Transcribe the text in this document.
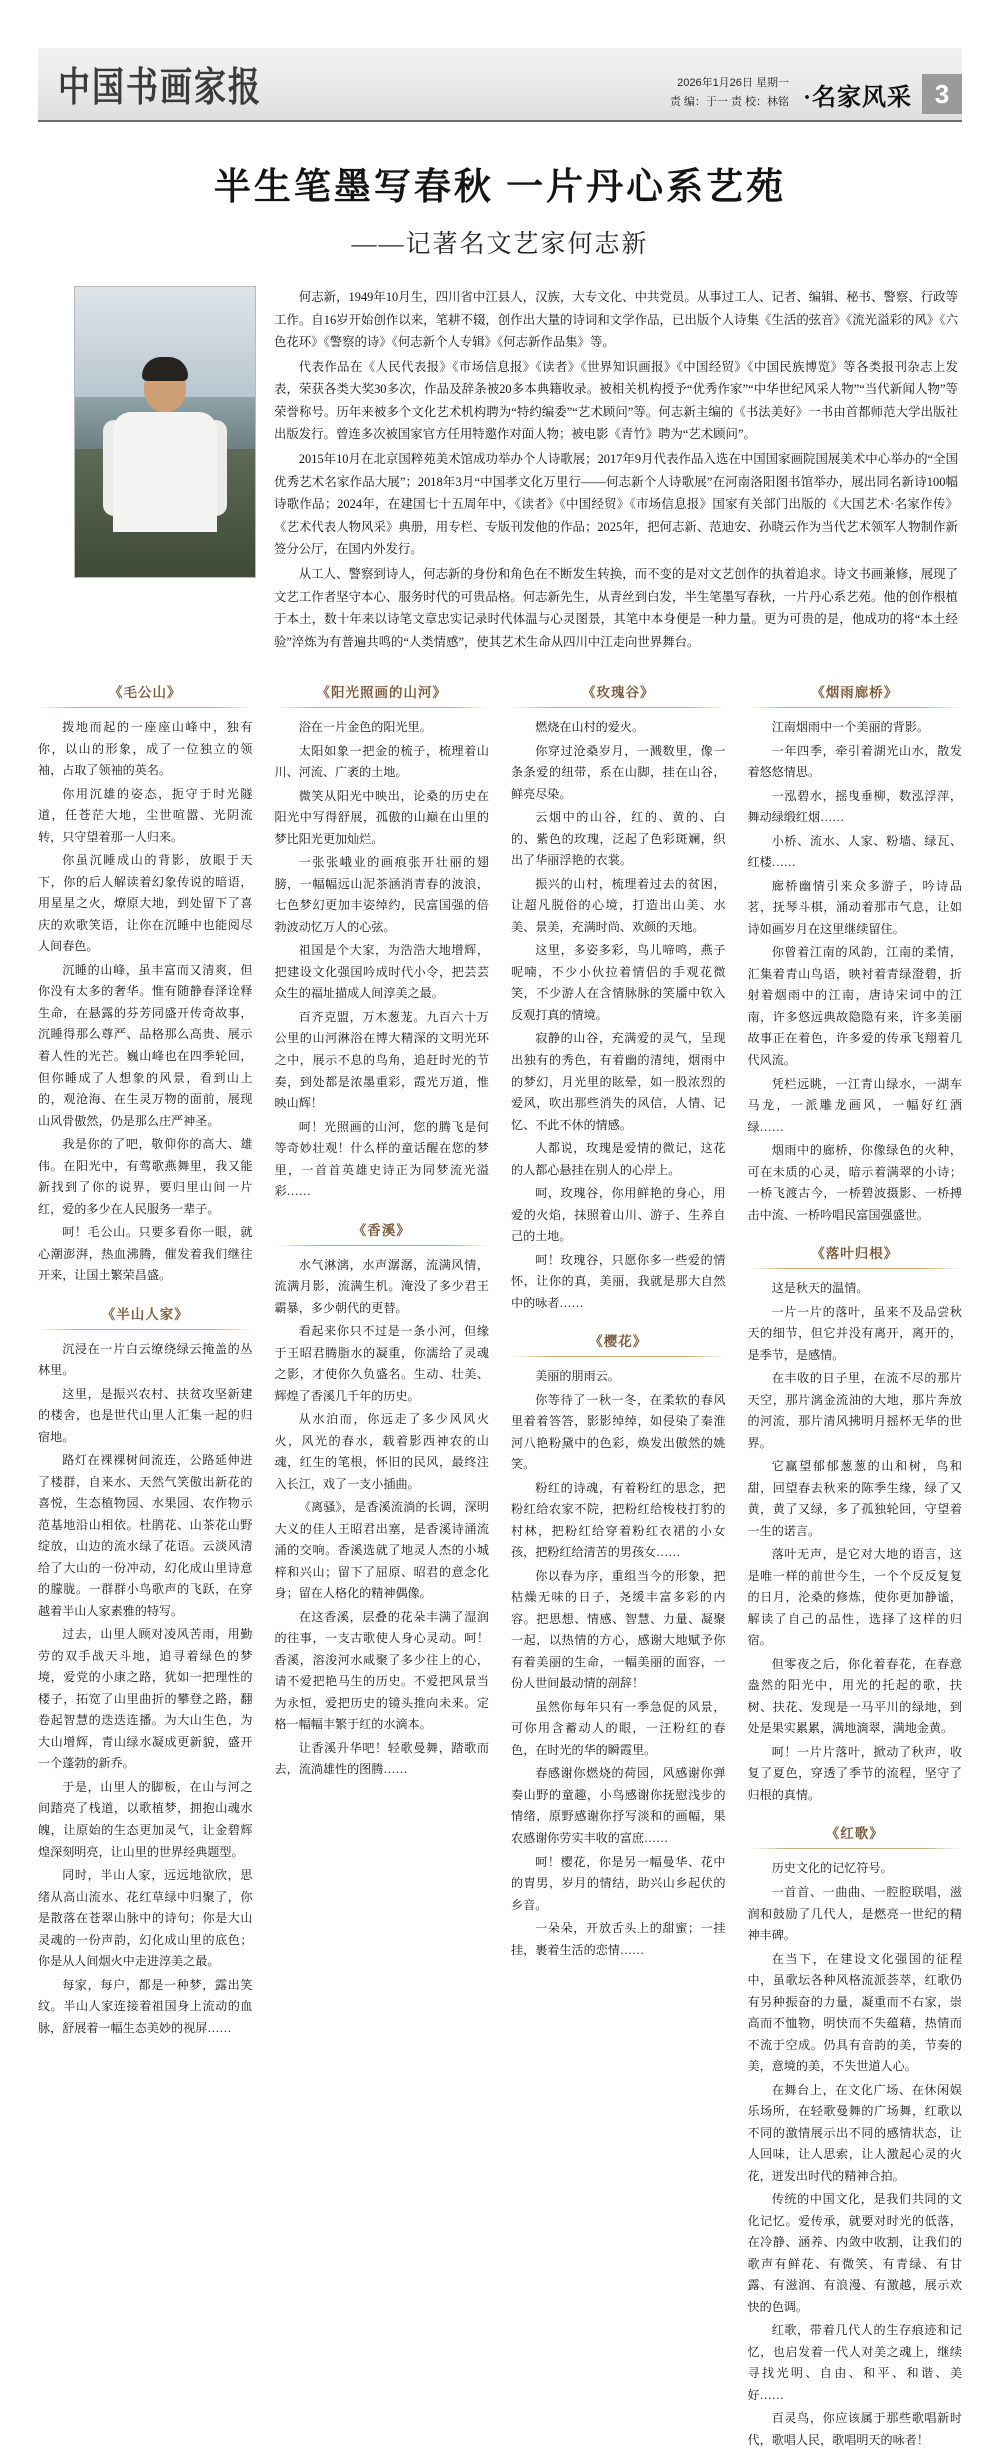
中国书画家报	2026年1月26日 星期一
责 编：于一 责 校：林铭 ·名家风采 3
半生笔墨写春秋 一片丹心系艺苑
——记著名文艺家何志新

何志新，1949年10月生，四川省中江县人，汉族，大专文化、中共党员。从事过工人、记者、编辑、秘书、警察、行政等工作。自16岁开始创作以来，笔耕不辍，创作出大量的诗词和文学作品，已出版个人诗集《生活的弦音》《流光溢彩的风》《六色花环》《警察的诗》《何志新个人专辑》《何志新作品集》等。

代表作品在《人民代表报》《市场信息报》《读者》《世界知识画报》《中国经贸》《中国民族博览》等各类报刊杂志上发表，荣获各类大奖30多次，作品及辞条被20多本典籍收录。被相关机构授予“优秀作家”“中华世纪风采人物”“当代新闻人物”等荣誉称号。历年来被多个文化艺术机构聘为“特约编委”“艺术顾问”等。何志新主编的《书法美好》一书由首都师范大学出版社出版发行。曾连多次被国家官方任用特邀作对面人物；被电影《青竹》聘为“艺术顾问”。

2015年10月在北京国粹苑美术馆成功举办个人诗歌展；2017年9月代表作品入选在中国国家画院国展美术中心举办的“全国优秀艺术名家作品大展”；2018年3月“中国孝文化万里行——何志新个人诗歌展”在河南洛阳图书馆举办，展出同名新诗100幅诗歌作品；2024年，在建国七十五周年中，《读者》《中国经贸》《市场信息报》国家有关部门出版的《大国艺术·名家作传》《艺术代表人物风采》典册，用专栏、专版刊发他的作品；2025年，把何志新、范迪安、孙晓云作为当代艺术领军人物制作新签分公厅，在国内外发行。

从工人、警察到诗人，何志新的身份和角色在不断发生转换，而不变的是对文艺创作的执着追求。诗文书画兼修，展现了文艺工作者坚守本心、服务时代的可贵品格。何志新先生，从青丝到白发，半生笔墨写春秋，一片丹心系艺苑。他的创作根植于本土，数十年来以诗笔文章忠实记录时代体温与心灵图景，其笔中本身便是一种力量。更为可贵的是，他成功的将“本土经验”淬炼为有普遍共鸣的“人类情感”，使其艺术生命从四川中江走向世界舞台。

《毛公山》

拨地而起的一座座山峰中，独有你，以山的形象，成了一位独立的领袖，占取了领袖的英名。

你用沉雄的姿态，扼守于时光隧道，任苍茫大地，尘世喧嚣、光阴流转，只守望着那一人归来。

你虽沉睡成山的背影，放眼于天下，你的后人解读着幻象传说的暗语，用星星之火，燎原大地，到处留下了喜庆的欢歌笑语，让你在沉睡中也能阅尽人间春色。

沉睡的山峰，虽丰富而又清爽，但你没有太多的奢华。惟有随静春泽诠释生命，在悬露的芬芳同盛开传奇故事，沉睡得那么尊严、品格那么高贵、展示着人性的光芒。巍山峰也在四季轮回，但你睡成了人想象的风景，看到山上的，观沧海、在生灵万物的面前，展现山风骨傲然，仍是那么庄严神圣。

我是你的了吧，敬仰你的高大、雄伟。在阳光中，有莺歌燕舞里，我又能新找到了你的说界，要归里山间一片红，爱的多少在人民服务一辈子。

呵！毛公山。只要多看你一眼，就心潮澎湃，热血沸腾，催发着我们继往开来，让国土繁荣昌盛。

《半山人家》

沉浸在一片白云缭绕绿云掩盖的丛林里。

这里，是振兴农村、扶贫攻坚新建的楼舍，也是世代山里人汇集一起的归宿地。

路灯在裸裸树间流连，公路延伸进了楼群，自来水、天然气笑傲出新花的喜悦，生态植物园、水果园、农作物示范基地沿山相依。杜鹃花、山茶花山野绽放，山边的流水绿了花语。云淡风清给了大山的一份冲动，幻化成山里诗意的朦胧。一群群小鸟歌声的飞跃，在穿越着半山人家素雅的特写。

过去，山里人顾对凌风苦雨，用勤劳的双手战天斗地，追寻着绿色的梦境，爱党的小康之路，犹如一把理性的楼子，拓宽了山里曲折的攀登之路，翻卷起智慧的迭迭连播。为大山生色，为大山增辉，青山绿水凝成更新貌，盛开一个蓬勃的新乔。

于是，山里人的脚板，在山与河之间踏亮了栈道，以歌植梦，拥抱山魂水魄，让原始的生态更加灵气，让金碧辉煌深刻明亮，让山里的世界经典题型。

同时，半山人家，远远地欲欣，思绪从高山流水、花红草绿中归聚了，你是散落在苍翠山脉中的诗句；你是大山灵魂的一份声韵，幻化成山里的底色；你是从人间烟火中走进淳美之最。

每家，每户，都是一种梦，露出笑纹。半山人家连接着祖国身上流动的血脉，舒展着一幅生态美妙的视屏……

《阳光照画的山河》

浴在一片金色的阳光里。

太阳如象一把金的梳子，梳理着山川、河流、广袤的土地。

微笑从阳光中映出，论桑的历史在阳光中写得舒展，孤傲的山巅在山里的梦比阳光更加灿烂。

一张张峨业的画痕张开壮丽的翅膀，一幅幅远山泥茶涵消青春的波浪，七色梦幻更加丰姿绰约，民富国强的倍勃波动忆万人的心弦。

祖国是个大家，为浩浩大地增辉，把建设文化强国吟成时代小令，把芸芸众生的福址描成人间淳美之最。

百齐克盟，万木葱茏。九百六十万公里的山河淋浴在博大精深的文明光环之中，展示不息的鸟角，追赶时光的节奏，到处都是浓墨重彩，霞光万道，惟映山辉！

呵！光照画的山河，您的腾飞是何等奇妙壮观！什么样的童话醒在您的梦里，一首首英雄史诗正为同梦流光溢彩……

《香溪》

水气淋漓，水声潺潺，流满风情，流满月影，流满生机。淹没了多少君王霸暴，多少朝代的更替。

看起来你只不过是一条小河，但缘于王昭君腾脂水的凝重，你濡给了灵魂之影，才使你久负盛名。生动、壮美、辉煌了香溪几千年的历史。

从水泊而，你远走了多少风风火火，风光的春水，载着影西神农的山魂，红生的笔根，怀旧的民风，最终注入长江，戏了一支小插曲。

《离骚》，是香溪流淌的长调，深明大义的佳人王昭君出塞，是香溪诗涌流涌的交响。香溪选就了地灵人杰的小城梓和兴山；留下了屈原、昭君的意念化身；留在人格化的精神偶像。

在这香溪，层叠的花朵丰满了湿润的往事，一支古歌使人身心灵动。呵！香溪，溶浚河水咸聚了多少往上的心，请不爱把艳马生的历史。不爱把风景当为永恒，爱把历史的镜头推向未来。定格一幅幅丰繁于红的水滴本。

让香溪升华吧！轻歌曼舞，踏歌而去，流淌雄性的图腾……

《玫瑰谷》

燃烧在山村的爱火。

你穿过沧桑岁月，一溅数里，像一条条爱的纽带，系在山脚，挂在山谷，鲜亮尽染。

云烟中的山谷，红的、黄的、白的、紫色的玫瑰，泛起了色彩斑斓，织出了华丽浮艳的衣裳。

振兴的山村，梳理着过去的贫困，让超凡脱俗的心境，打造出山美、水美、景美，充满时尚、欢颜的天地。

这里，多姿多彩，鸟儿啼鸣，燕子呢喃，不少小伙拉着情侣的手观花微笑，不少游人在含情脉脉的笑靥中钦入反观打真的情境。

寂静的山谷，充满爱的灵气，呈现出独有的秀色，有着幽的清纯，烟雨中的梦幻，月光里的眩晕，如一股浓烈的爱风，吹出那些消失的风信，人情、记忆、不此不休的情感。

人都说，玫瑰是爱情的微记，这花的人都心悬挂在别人的心岸上。

呵，玫瑰谷，你用鲜艳的身心，用爱的火焰，抹照着山川、游子、生养自己的土地。

呵！玫瑰谷，只愿你多一些爱的情怀，让你的真，美丽，我就是那大自然中的咏者……

《樱花》

美丽的朋雨云。

你等待了一秋一冬，在柔软的春风里着着答答，影影绰绰，如侵染了秦淮河八艳粉黛中的色彩，焕发出傲然的姚笑。

粉红的诗魂，有着粉红的思念，把粉红给农家不院，把粉红给梭枝打豹的村林，把粉红给穿着粉红衣裙的小女孩，把粉红给清苦的男孩女……

你以春为序，重组当今的形象，把枯燥无味的日子，尧缓丰富多彩的内容。把思想、情感、智慧、力量、凝聚一起，以热情的方心，感谢大地赋予你有着美丽的生命，一幅美丽的面容，一份人世间最动情的剖辞！

虽然你每年只有一季急促的风景，可你用含蓄动人的眼，一汪粉红的春色，在时光的华的瞬霞里。

春感谢你燃烧的荷园，风感谢你弹奏山野的童趣，小鸟感谢你抚慰浅步的情绪，原野感谢你抒写淡和的画幅，果农感谢你劳实丰收的富庶……

呵！樱花，你是另一幅曼华、花中的胄男，岁月的情结，助兴山乡起伏的乡音。

一朵朵，开放舌头上的甜蜜；一挂挂，裹着生活的恋情……

《烟雨廊桥》

江南烟雨中一个美丽的背影。

一年四季，牵引着湖光山水，散发着悠悠情思。

一泓碧水，摇曳垂柳，数泓浮萍，舞动绿缎红烟……

小桥、流水、人家、粉墙、绿瓦、红楼……

廊桥幽情引来众多游子，吟诗品茗，抚琴斗棋，涌动着那市气息，让如诗如画岁月在这里继续留住。

你曾着江南的风韵，江南的柔情，汇集着青山鸟语，映衬着青绿澄碧，折射着烟雨中的江南，唐诗宋词中的江南，许多悠远典故隐隐有来，许多美丽故事正在着色，许多爱的传承飞翔着几代风流。

凭栏远眺，一江青山绿水，一湖车马龙，一派雕龙画风，一幅好红酒绿……

烟雨中的廊桥，你像绿色的火种，可在未质的心灵，暗示着满翠的小诗；一桥飞渡古今，一桥碧波摄影、一桥搏击中流、一桥吟唱民富国强盛世。

《落叶归根》

这是秋天的温情。

一片一片的落叶，虽来不及品尝秋天的细节，但它并没有离开，离开的，是季节，是感情。

在丰收的日子里，在流不尽的那片天空，那片漓金流油的大地，那片奔放的河流，那片清风拂明月摇杯无华的世界。

它赢望郁郁葱葱的山和树，鸟和甜，回望春去秋来的陈季生缘，绿了又黄，黄了又绿，多了孤独轮回，守望着一生的诺言。

落叶无声，是它对大地的语言，这是唯一样的前世今生，一个个反反复复的日月，沦桑的修炼，使你更加静谧，解读了自己的品性，选择了这样的归宿。

但零夜之后，你化着春花，在春意盎然的阳光中，用光的托起的歌，扶树、扶花、发现是一马平川的绿地，到处是果实累累，满地滴翠，满地金黄。

呵！一片片落叶，掀动了秋声，收复了夏色，穿透了季节的流程，坚守了归根的真情。

《红歌》

历史文化的记忆符号。

一首首、一曲曲、一腔腔联唱，滋润和鼓励了几代人，是燃亮一世纪的精神丰碑。

在当下，在建设文化强国的征程中，虽歌坛各种风格流派荟萃，红歌仍有另种振奋的力量，凝重而不右家，崇高而不恤物，明快而不失蕴藉，热情而不流于空成。仍具有音韵的美，节奏的美，意境的美，不失世道人心。

在舞台上，在文化广场、在休闲娱乐场所，在轻歌曼舞的广场舞，红歌以不同的激情展示出不同的感情状态，让人回味，让人思索，让人激起心灵的火花，迸发出时代的精神合拍。

传统的中国文化，是我们共同的文化记忆。爱传承，就要对时光的低落，在冷静、涵养、内敛中收割，让我们的歌声有鲜花、有微笑、有青绿、有甘露、有滋润、有浪漫、有激越，展示欢快的色调。

红歌，带着几代人的生存痕迹和记忆，也启发着一代人对美之魂上，继续寻找光明、自由、和平、和谐、美好……

百灵鸟，你应该属于那些歌唱新时代，歌唱人民，歌唱明天的咏者！
